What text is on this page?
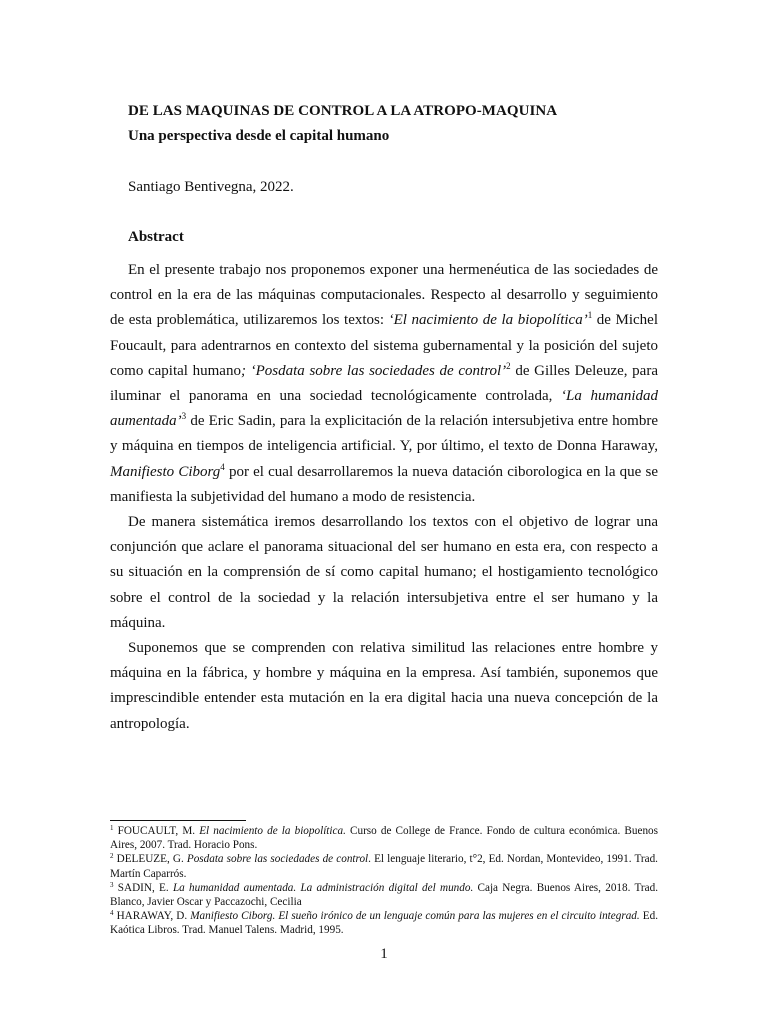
DE LAS MAQUINAS DE CONTROL A LA ATROPO-MAQUINA
Una perspectiva desde el capital humano
Santiago Bentivegna, 2022.
Abstract

En el presente trabajo nos proponemos exponer una hermenéutica de las sociedades de control en la era de las máquinas computacionales. Respecto al desarrollo y seguimiento de esta problemática, utilizaremos los textos: ‘El nacimiento de la biopolítica’$^1$ de Michel Foucault, para adentrarnos en contexto del sistema gubernamental y la posición del sujeto como capital humano; ‘Posdata sobre las sociedades de control’$^2$ de Gilles Deleuze, para iluminar el panorama en una sociedad tecnológicamente controlada, ‘La humanidad aumentada’$^3$ de Eric Sadin, para la explicitación de la relación intersubjetiva entre hombre y máquina en tiempos de inteligencia artificial. Y, por último, el texto de Donna Haraway, Manifiesto Ciborg$^4$ por el cual desarrollaremos la nueva datación ciborologica en la que se manifiesta la subjetividad del humano a modo de resistencia.

De manera sistemática iremos desarrollando los textos con el objetivo de lograr una conjunción que aclare el panorama situacional del ser humano en esta era, con respecto a su situación en la comprensión de sí como capital humano; el hostigamiento tecnológico sobre el control de la sociedad y la relación intersubjetiva entre el ser humano y la máquina.

Suponemos que se comprenden con relativa similitud las relaciones entre hombre y máquina en la fábrica, y hombre y máquina en la empresa. Así también, suponemos que imprescindible entender esta mutación en la era digital hacia una nueva concepción de la antropología.

$^1$ FOUCAULT, M. El nacimiento de la biopolítica. Curso de College de France. Fondo de cultura económica. Buenos Aires, 2007. Trad. Horacio Pons.

$^2$ DELEUZE, G. Posdata sobre las sociedades de control. El lenguaje literario, t°2, Ed. Nordan, Montevideo, 1991. Trad. Martín Caparrós.

$^3$ SADIN, E. La humanidad aumentada. La administración digital del mundo. Caja Negra. Buenos Aires, 2018. Trad. Blanco, Javier Oscar y Paccazochi, Cecilia

$^4$ HARAWAY, D. Manifiesto Ciborg. El sueño irónico de un lenguaje común para las mujeres en el circuito integrad. Ed. Kaótica Libros. Trad. Manuel Talens. Madrid, 1995.

1
